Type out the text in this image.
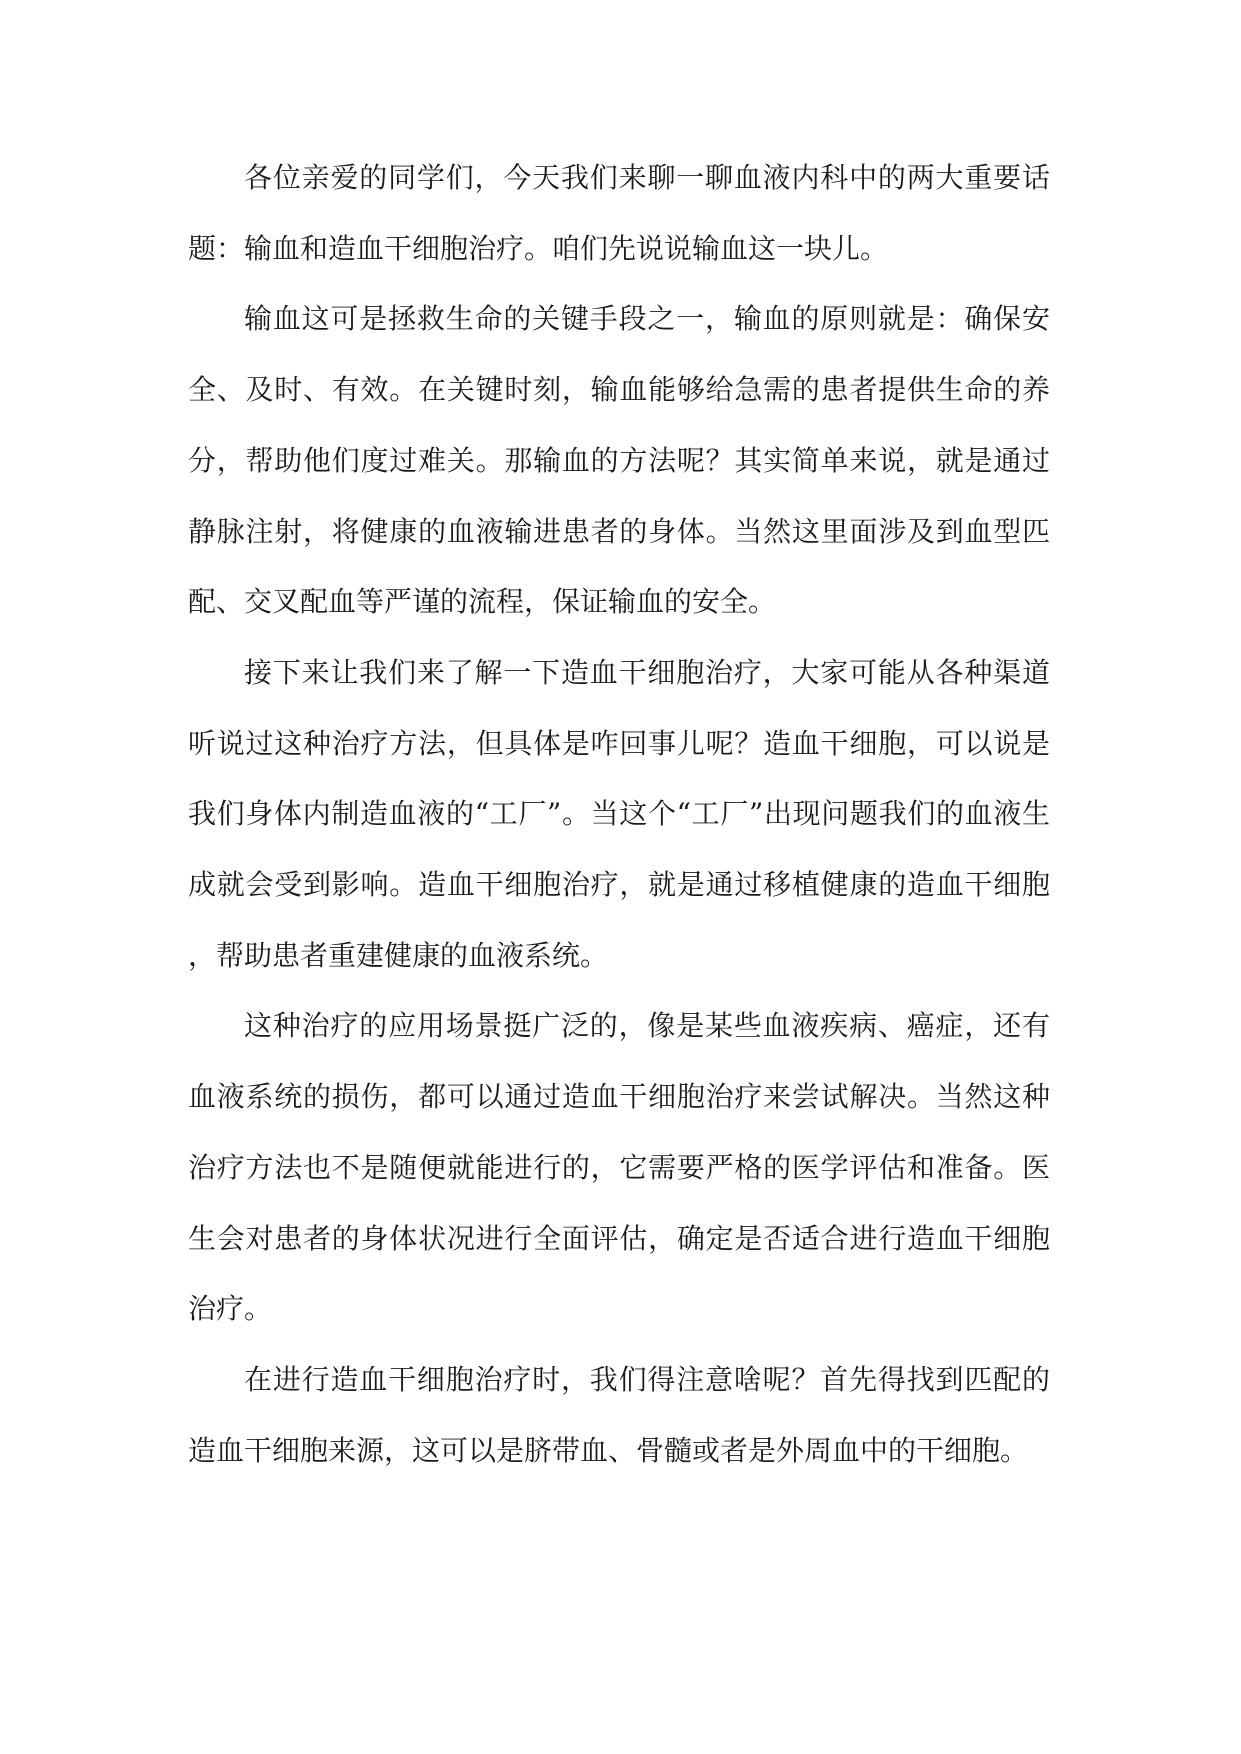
各位亲爱的同学们，今天我们来聊一聊血液内科中的两大重要话题：输血和造血干细胞治疗。咱们先说说输血这一块儿。

输血这可是拯救生命的关键手段之一，输血的原则就是：确保安全、及时、有效。在关键时刻，输血能够给急需的患者提供生命的养分，帮助他们度过难关。那输血的方法呢？其实简单来说，就是通过静脉注射，将健康的血液输进患者的身体。当然这里面涉及到血型匹配、交叉配血等严谨的流程，保证输血的安全。

接下来让我们来了解一下造血干细胞治疗，大家可能从各种渠道听说过这种治疗方法，但具体是咋回事儿呢？造血干细胞，可以说是我们身体内制造血液的“工厂”。当这个“工厂”出现问题我们的血液生成就会受到影响。造血干细胞治疗，就是通过移植健康的造血干细胞，帮助患者重建健康的血液系统。

这种治疗的应用场景挺广泛的，像是某些血液疾病、癌症，还有血液系统的损伤，都可以通过造血干细胞治疗来尝试解决。当然这种治疗方法也不是随便就能进行的，它需要严格的医学评估和准备。医生会对患者的身体状况进行全面评估，确定是否适合进行造血干细胞治疗。

在进行造血干细胞治疗时，我们得注意啥呢？首先得找到匹配的造血干细胞来源，这可以是脐带血、骨髓或者是外周血中的干细胞。
